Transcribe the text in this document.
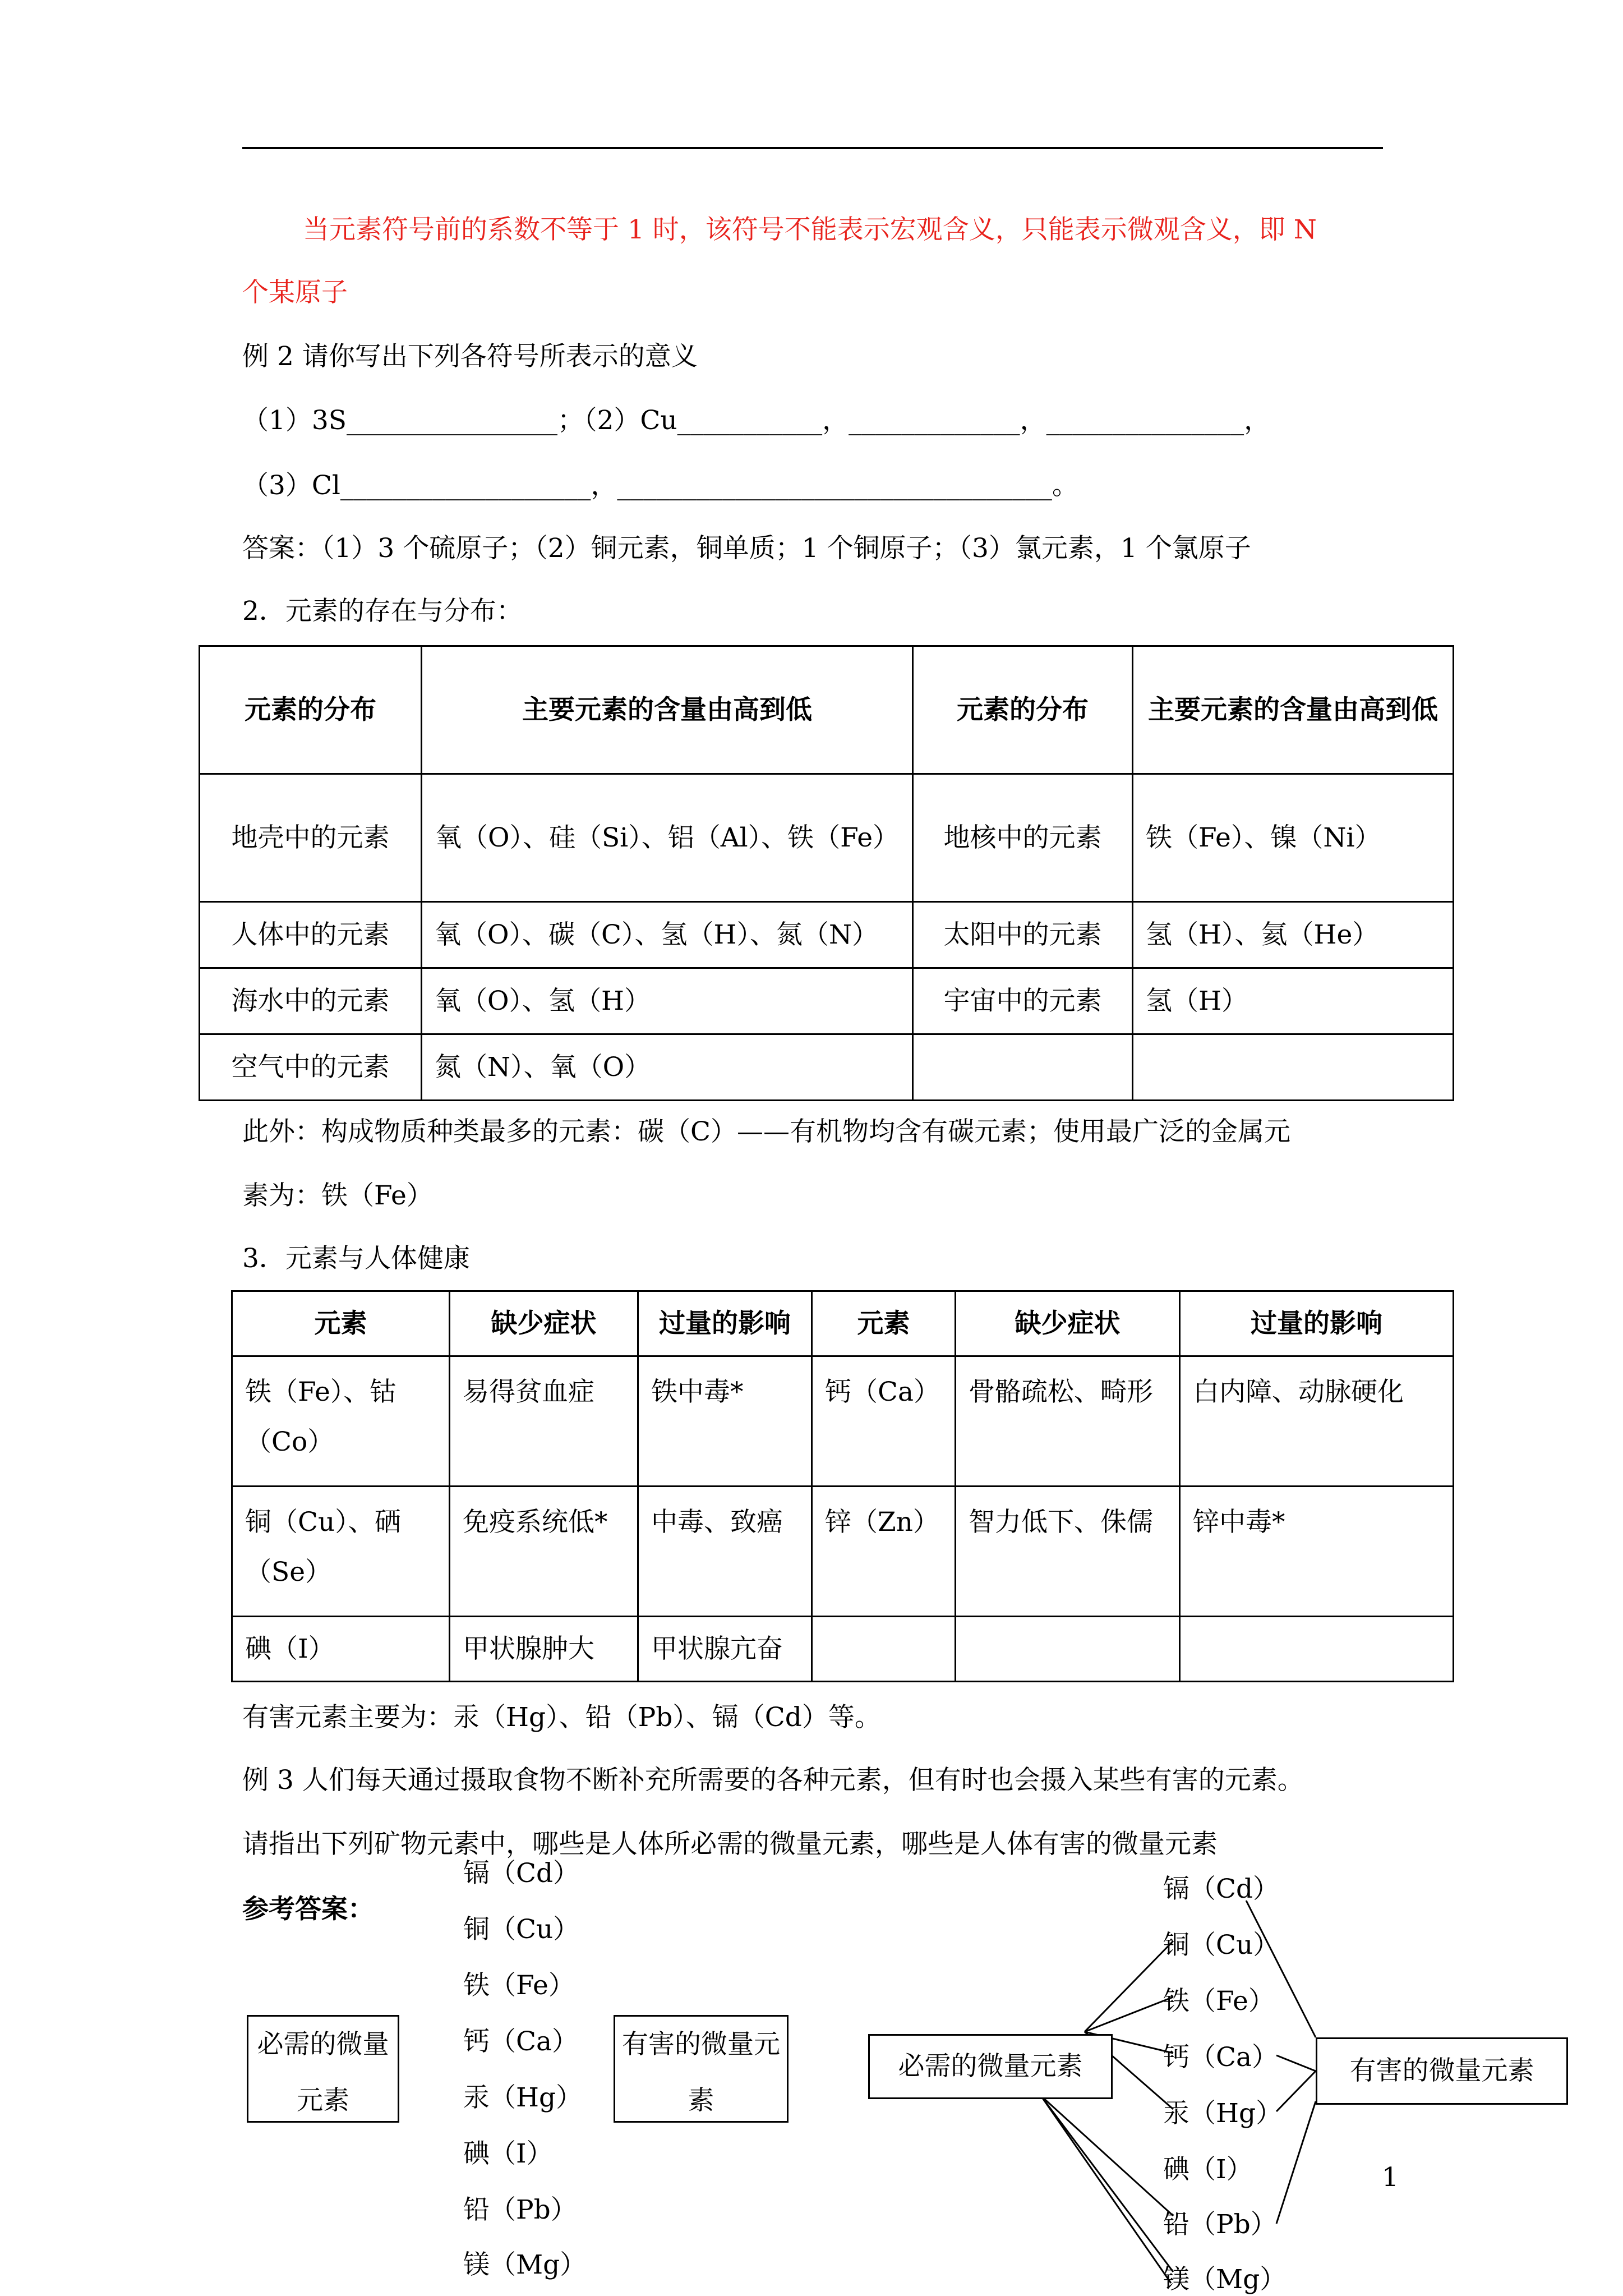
当元素符号前的系数不等于 1 时，该符号不能表示宏观含义，只能表示微观含义，即 N
个某原子
例 2 请你写出下列各符号所表示的意义
（1）3S________________；（2）Cu___________，_____________，_______________，
（3）Cl___________________，_________________________________。
答案：（1）3 个硫原子；（2）铜元素，铜单质；1 个铜原子；（3）氯元素，1 个氯原子
2．元素的存在与分布：
元素的分布	主要元素的含量由高到低	元素的分布	主要元素的含量由高到低
地壳中的元素	氧（O）、硅（Si）、铝（Al）、铁（Fe）	地核中的元素	铁（Fe）、镍（Ni）
人体中的元素	氧（O）、碳（C）、氢（H）、氮（N）	太阳中的元素	氢（H）、氦（He）
海水中的元素	氧（O）、氢（H）	宇宙中的元素	氢（H）
空气中的元素	氮（N）、氧（O）		
此外：构成物质种类最多的元素：碳（C）——有机物均含有碳元素；使用最广泛的金属元
素为：铁（Fe）
3．元素与人体健康
元素	缺少症状	过量的影响	元素	缺少症状	过量的影响
铁（Fe）、钴（Co）	易得贫血症	铁中毒*	钙（Ca）	骨骼疏松、畸形	白内障、动脉硬化
铜（Cu）、硒（Se）	免疫系统低*	中毒、致癌	锌（Zn）	智力低下、侏儒	锌中毒*
碘（I）	甲状腺肿大	甲状腺亢奋			
有害元素主要为：汞（Hg）、铅（Pb）、镉（Cd）等。
例 3 人们每天通过摄取食物不断补充所需要的各种元素，但有时也会摄入某些有害的元素。
请指出下列矿物元素中，哪些是人体所必需的微量元素，哪些是人体有害的微量元素
参考答案：
镉（Cd）
铜（Cu）
铁（Fe）
钙（Ca）
汞（Hg）
碘（I）
铅（Pb）
镁（Mg）
必需的微量元素
有害的微量元素
镉（Cd）
铜（Cu）
铁（Fe）
钙（Ca）
汞（Hg）
碘（I）
铅（Pb）
镁（Mg）
必需的微量元素	有害的微量元素
1
